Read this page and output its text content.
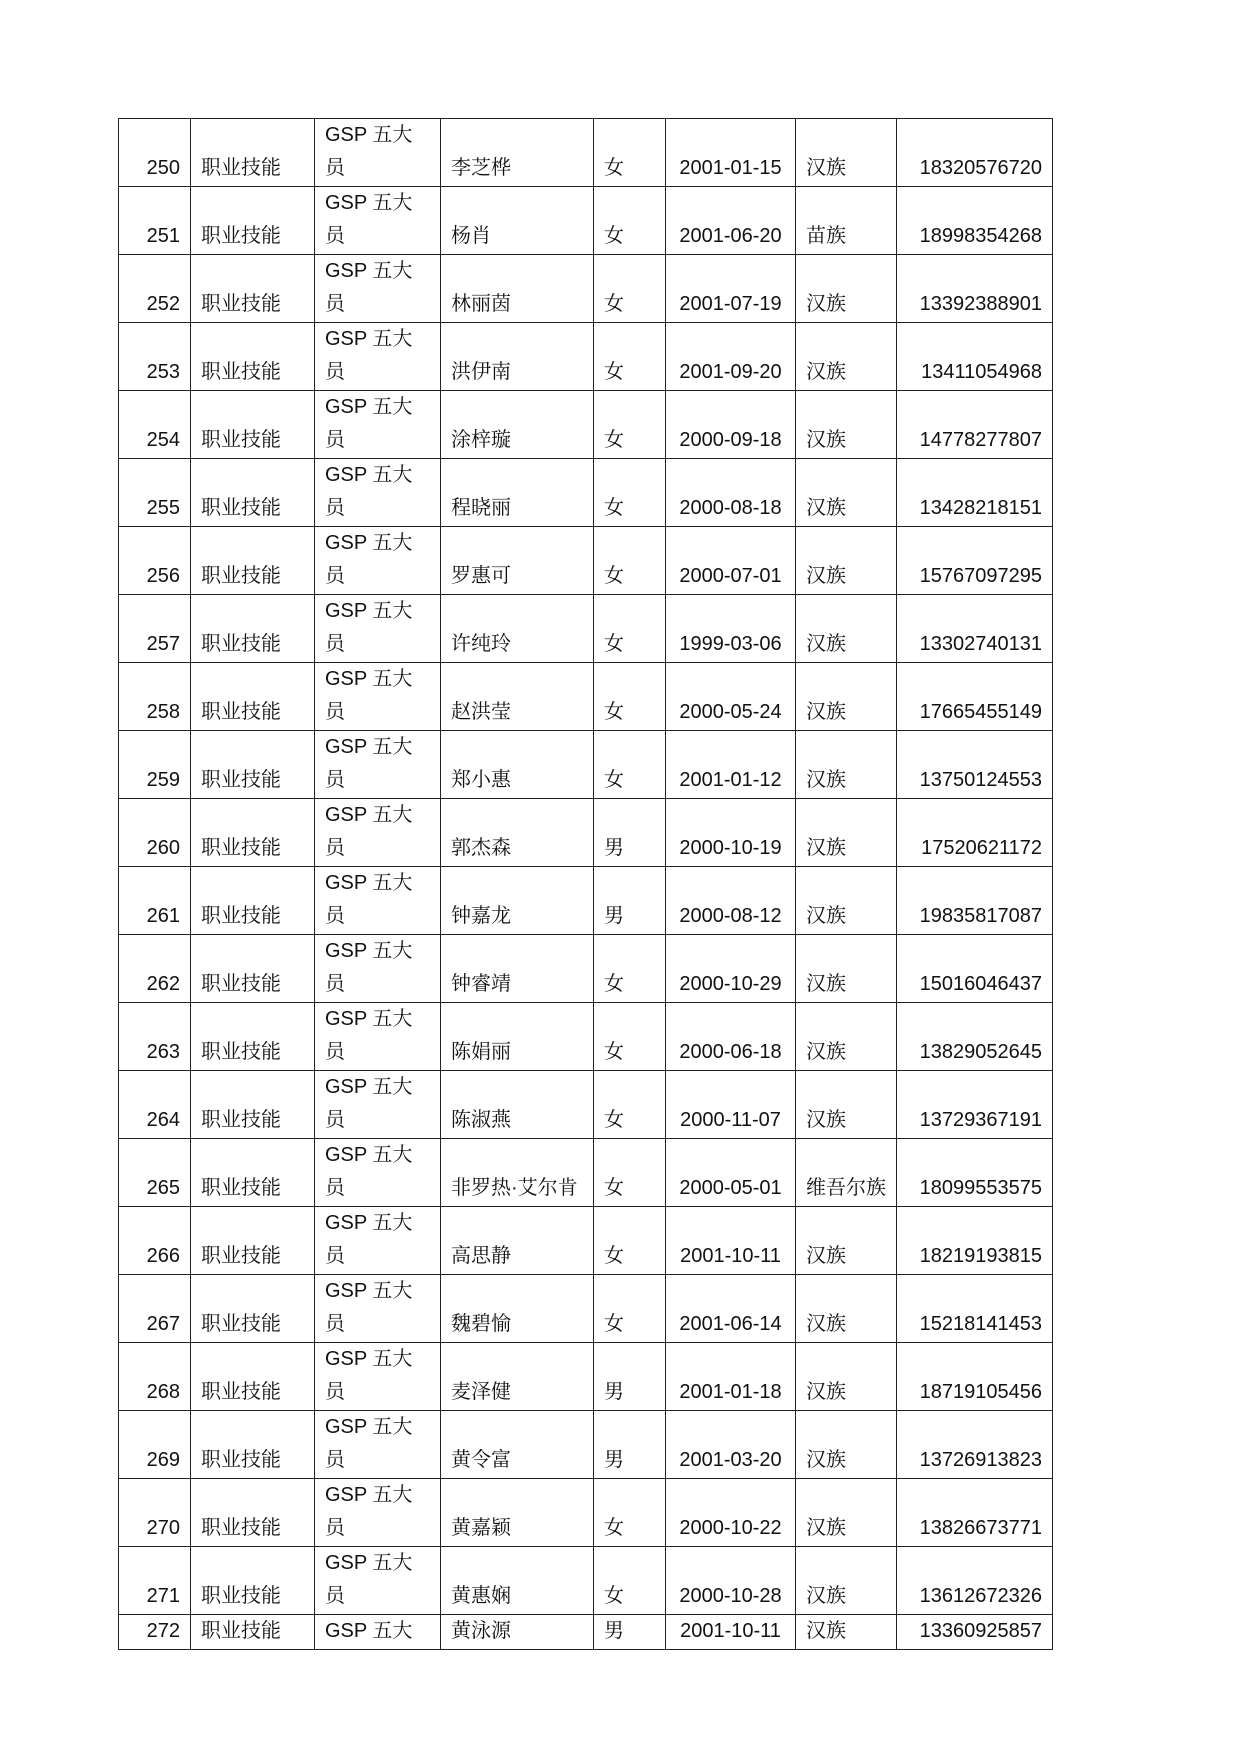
250	职业技能	GSP 五大员	李芝桦	女	2001-01-15	汉族	18320576720
251	职业技能	GSP 五大员	杨肖	女	2001-06-20	苗族	18998354268
252	职业技能	GSP 五大员	林丽茵	女	2001-07-19	汉族	13392388901
253	职业技能	GSP 五大员	洪伊南	女	2001-09-20	汉族	13411054968
254	职业技能	GSP 五大员	涂梓璇	女	2000-09-18	汉族	14778277807
255	职业技能	GSP 五大员	程晓丽	女	2000-08-18	汉族	13428218151
256	职业技能	GSP 五大员	罗惠可	女	2000-07-01	汉族	15767097295
257	职业技能	GSP 五大员	许纯玲	女	1999-03-06	汉族	13302740131
258	职业技能	GSP 五大员	赵洪莹	女	2000-05-24	汉族	17665455149
259	职业技能	GSP 五大员	郑小惠	女	2001-01-12	汉族	13750124553
260	职业技能	GSP 五大员	郭杰森	男	2000-10-19	汉族	17520621172
261	职业技能	GSP 五大员	钟嘉龙	男	2000-08-12	汉族	19835817087
262	职业技能	GSP 五大员	钟睿靖	女	2000-10-29	汉族	15016046437
263	职业技能	GSP 五大员	陈娟丽	女	2000-06-18	汉族	13829052645
264	职业技能	GSP 五大员	陈淑燕	女	2000-11-07	汉族	13729367191
265	职业技能	GSP 五大员	非罗热·艾尔肯	女	2000-05-01	维吾尔族	18099553575
266	职业技能	GSP 五大员	高思静	女	2001-10-11	汉族	18219193815
267	职业技能	GSP 五大员	魏碧愉	女	2001-06-14	汉族	15218141453
268	职业技能	GSP 五大员	麦泽健	男	2001-01-18	汉族	18719105456
269	职业技能	GSP 五大员	黄令富	男	2001-03-20	汉族	13726913823
270	职业技能	GSP 五大员	黄嘉颖	女	2000-10-22	汉族	13826673771
271	职业技能	GSP 五大员	黄惠娴	女	2000-10-28	汉族	13612672326
272	职业技能	GSP 五大	黄泳源	男	2001-10-11	汉族	13360925857
